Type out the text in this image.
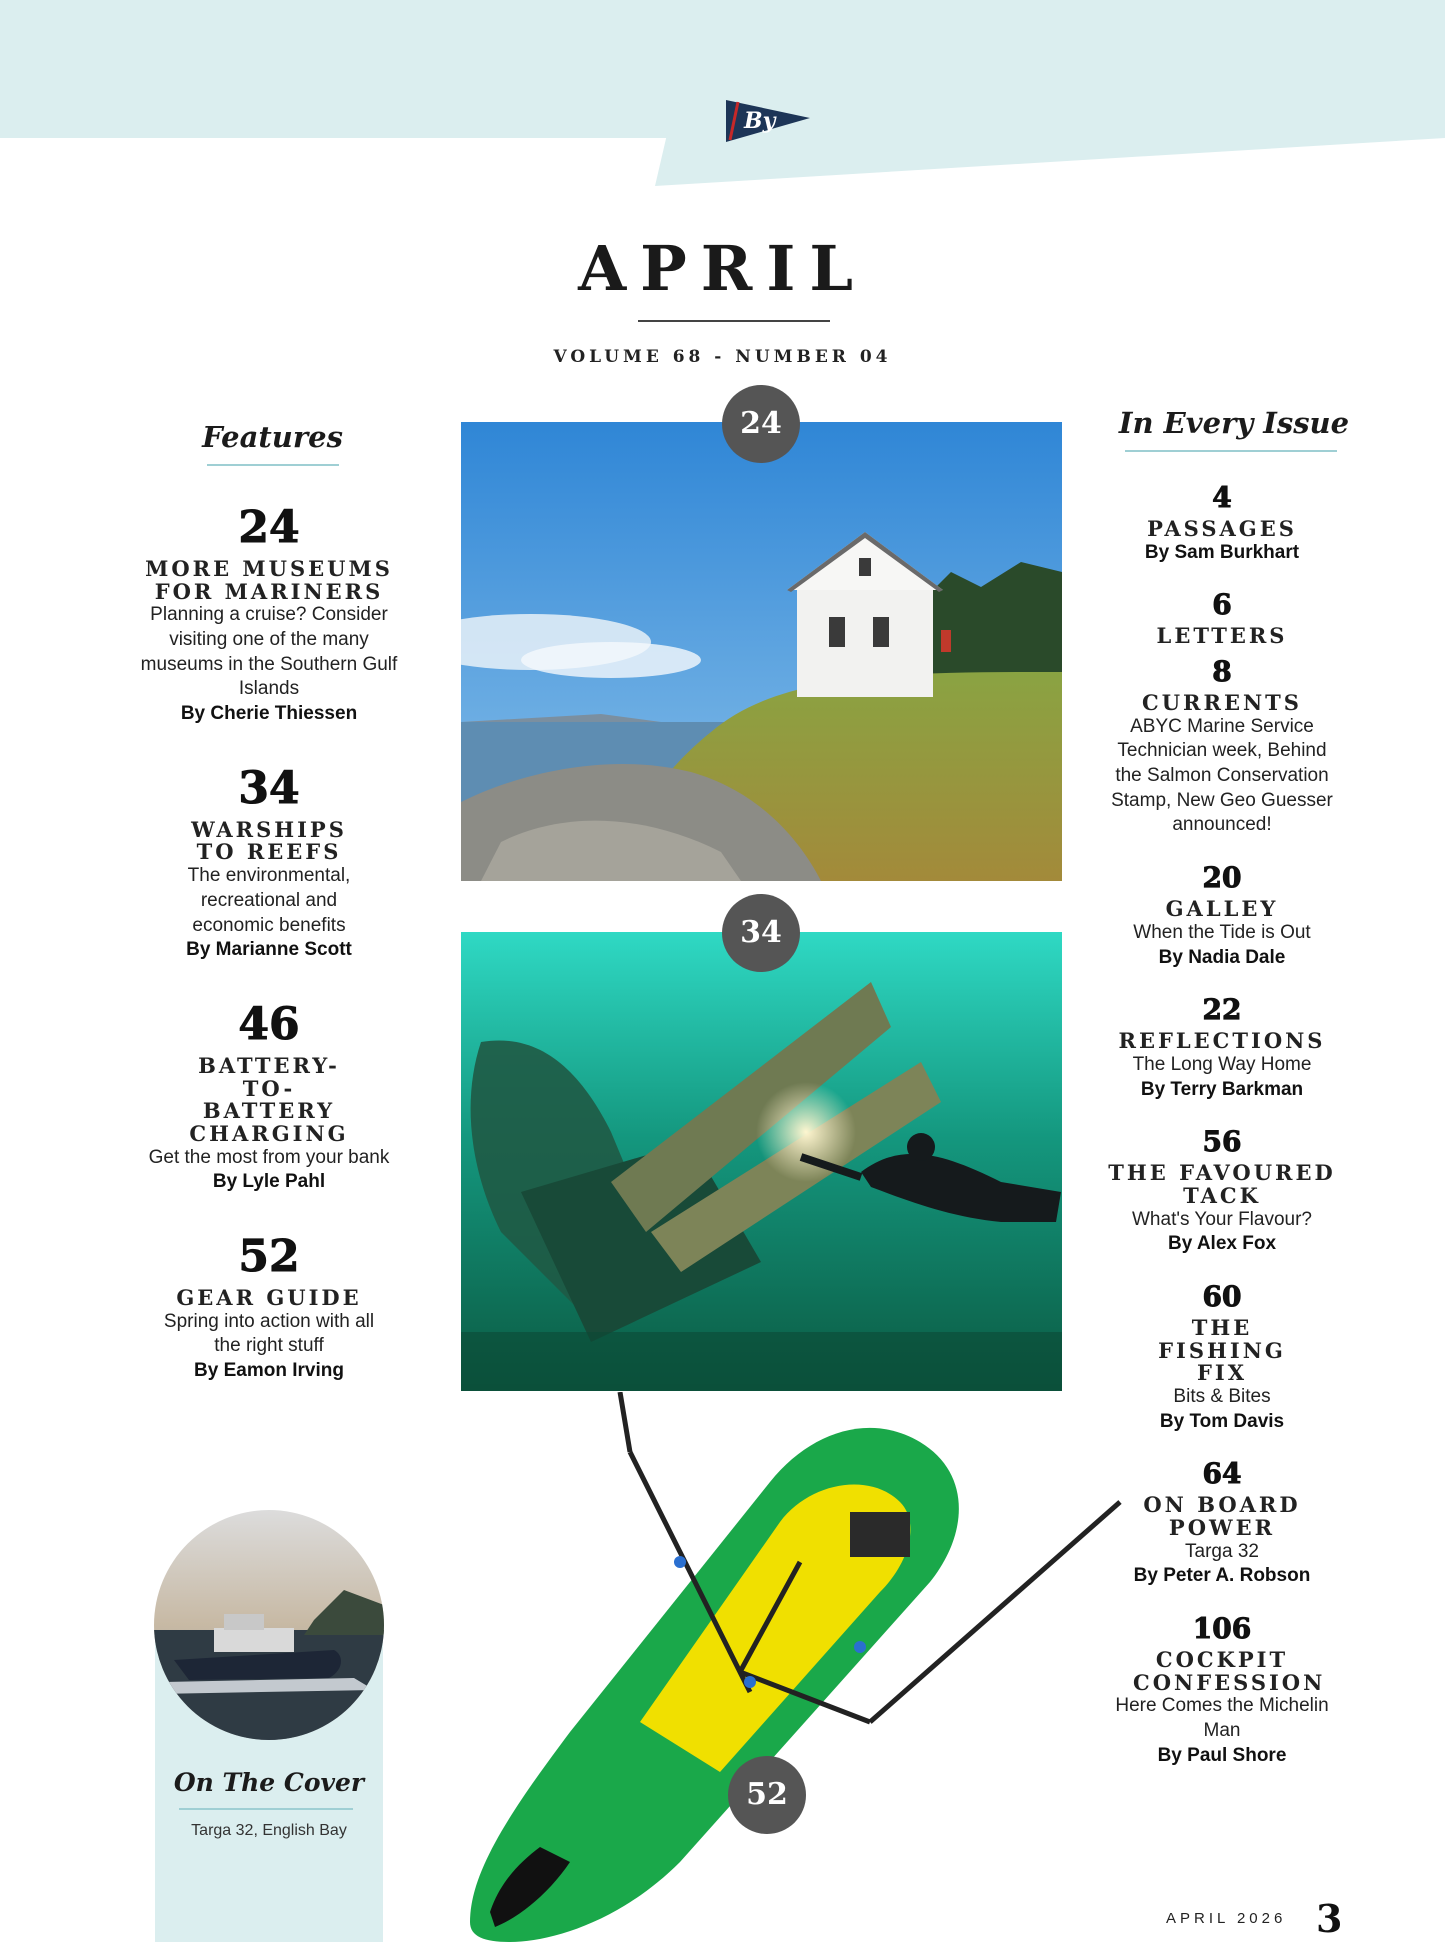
By
APRIL
VOLUME 68 - NUMBER 04
Features
24
MORE MUSEUMS FOR MARINERS
Planning a cruise? Consider visiting one of the many museums in the Southern Gulf Islands
By Cherie Thiessen
34
WARSHIPS TO REEFS
The environmental, recreational and economic benefits
By Marianne Scott
46
BATTERY-TO-BATTERY CHARGING
Get the most from your bank
By Lyle Pahl
52
GEAR GUIDE
Spring into action with all the right stuff
By Eamon Irving
In Every Issue
4
PASSAGES
By Sam Burkhart
6
LETTERS
8
CURRENTS
ABYC Marine Service Technician week, Behind the Salmon Conservation Stamp, New Geo Guesser announced!
20
GALLEY
When the Tide is Out
By Nadia Dale
22
REFLECTIONS
The Long Way Home
By Terry Barkman
56
THE FAVOURED TACK
What's Your Flavour?
By Alex Fox
60
THE FISHING FIX
Bits & Bites
By Tom Davis
64
ON BOARD POWER
Targa 32
By Peter A. Robson
106
COCKPIT CONFESSION
Here Comes the Michelin Man
By Paul Shore
24
34
52
On The Cover
Targa 32, English Bay
APRIL 2026 3
